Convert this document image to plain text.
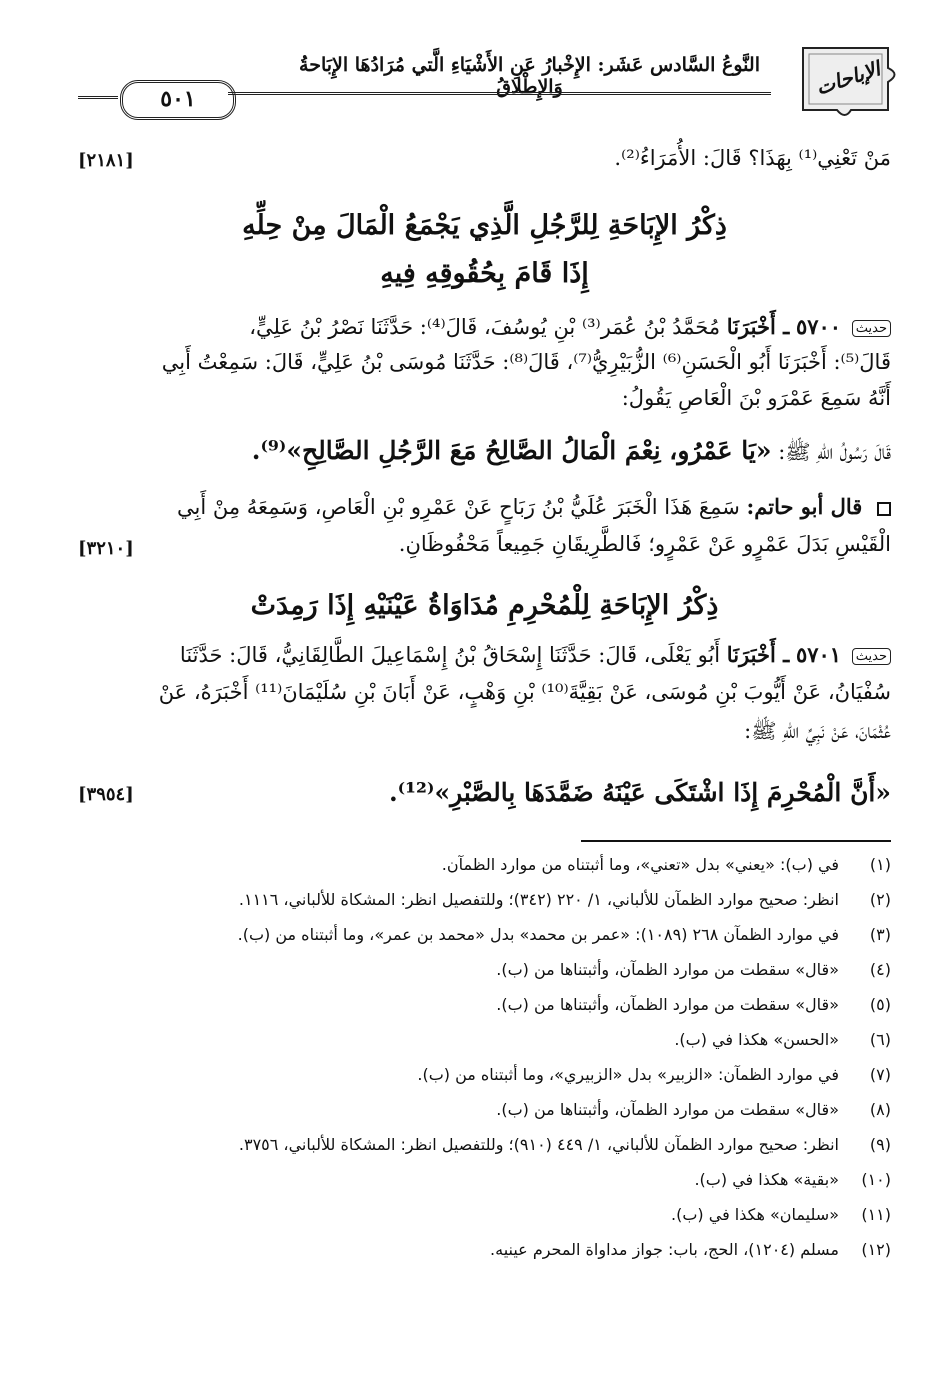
٥٠١
النَّوعُ السَّادس عَشَر: الإِخْبارُ عَنِ الأَشْيَاءِ الَّتي مُرَادُهَا الإِبَاحةُ وَالإِطْلاقُ	الإباحات
مَنْ تَعْنِي⁽¹⁾ بِهَذَا؟ قَالَ: الأُمَرَاءُ⁽²⁾.
[٢١٨١]
ذِكْرُ الإِبَاحَةِ لِلرَّجُلِ الَّذِي يَجْمَعُ الْمَالَ مِنْ حِلِّهِ
إِذَا قَامَ بِحُقُوقِهِ فِيهِ
حديث ٥٧٠٠ ـ أَخْبَرَنَا مُحَمَّدُ بْنُ عُمَر⁽³⁾ بْنِ يُوسُفَ، قَالَ⁽⁴⁾: حَدَّثَنَا نَصْرُ بْنُ عَلِيٍّ،
قَالَ⁽⁵⁾: أَخْبَرَنَا أَبُو الْحَسَنِ⁽⁶⁾ الزُّبَيْرِيُّ⁽⁷⁾، قَالَ⁽⁸⁾: حَدَّثَنَا مُوسَى بْنُ عَلِيٍّ، قَالَ: سَمِعْتُ أَبِي
أَنَّهُ سَمِعَ عَمْرَو بْنَ الْعَاصِ يَقُولُ:
قَالَ رَسُولُ اللهِ ﷺ: «يَا عَمْرُو، نِعْمَ الْمَالُ الصَّالِحُ مَعَ الرَّجُلِ الصَّالِحِ»⁽⁹⁾.
قال أبو حاتم: سَمِعَ هَذَا الْخَبَرَ عُلَيُّ بْنُ رَبَاحٍ عَنْ عَمْرِو بْنِ الْعَاصِ، وَسَمِعَهُ مِنْ أَبِي
الْقَيْسِ بَدَلَ عَمْرٍو عَنْ عَمْرٍو؛ فَالطَّرِيقَانِ جَمِيعاً مَحْفُوظَانِ.
[٣٢١٠]
ذِكْرُ الإِبَاحَةِ لِلْمُحْرِمِ مُدَاوَاةُ عَيْنَيْهِ إِذَا رَمِدَتْ
حديث ٥٧٠١ ـ أَخْبَرَنَا أَبُو يَعْلَى، قَالَ: حَدَّثَنَا إِسْحَاقُ بْنُ إِسْمَاعِيلَ الطَّالِقَانِيُّ، قَالَ: حَدَّثَنَا
سُفْيَانُ، عَنْ أَيُّوبَ بْنِ مُوسَى، عَنْ بَقِيَّةَ⁽¹⁰⁾ بْنِ وَهْبٍ، عَنْ أَبَانَ بْنِ سُلَيْمَانَ⁽¹¹⁾ أَخْبَرَهُ، عَنْ
عُثْمَانَ، عَنْ نَبِيِّ اللهِ ﷺ:
«أَنَّ الْمُحْرِمَ إِذَا اشْتَكَى عَيْنَهُ ضَمَّدَهَا بِالصَّبْرِ»⁽¹²⁾.
[٣٩٥٤]
(١)
في (ب): «يعني» بدل «تعني»، وما أثبتناه من موارد الظمآن.
(٢)
انظر: صحيح موارد الظمآن للألباني، ١/ ٢٢٠ (٣٤٢)؛ وللتفصيل انظر: المشكاة للألباني، ١١١٦.
(٣)
في موارد الظمآن ٢٦٨ (١٠٨٩): «عمر بن محمد» بدل «محمد بن عمر»، وما أثبتناه من (ب).
(٤)
«قال» سقطت من موارد الظمآن، وأثبتناها من (ب).
(٥)
«قال» سقطت من موارد الظمآن، وأثبتناها من (ب).
(٦)
«الحسن» هكذا في (ب).
(٧)
في موارد الظمآن: «الزبير» بدل «الزبيري»، وما أثبتناه من (ب).
(٨)
«قال» سقطت من موارد الظمآن، وأثبتناها من (ب).
(٩)
انظر: صحيح موارد الظمآن للألباني، ١/ ٤٤٩ (٩١٠)؛ وللتفصيل انظر: المشكاة للألباني، ٣٧٥٦.
(١٠)
«بقية» هكذا في (ب).
(١١)
«سليمان» هكذا في (ب).
(١٢)
مسلم (١٢٠٤)، الحج، باب: جواز مداواة المحرم عينيه.
